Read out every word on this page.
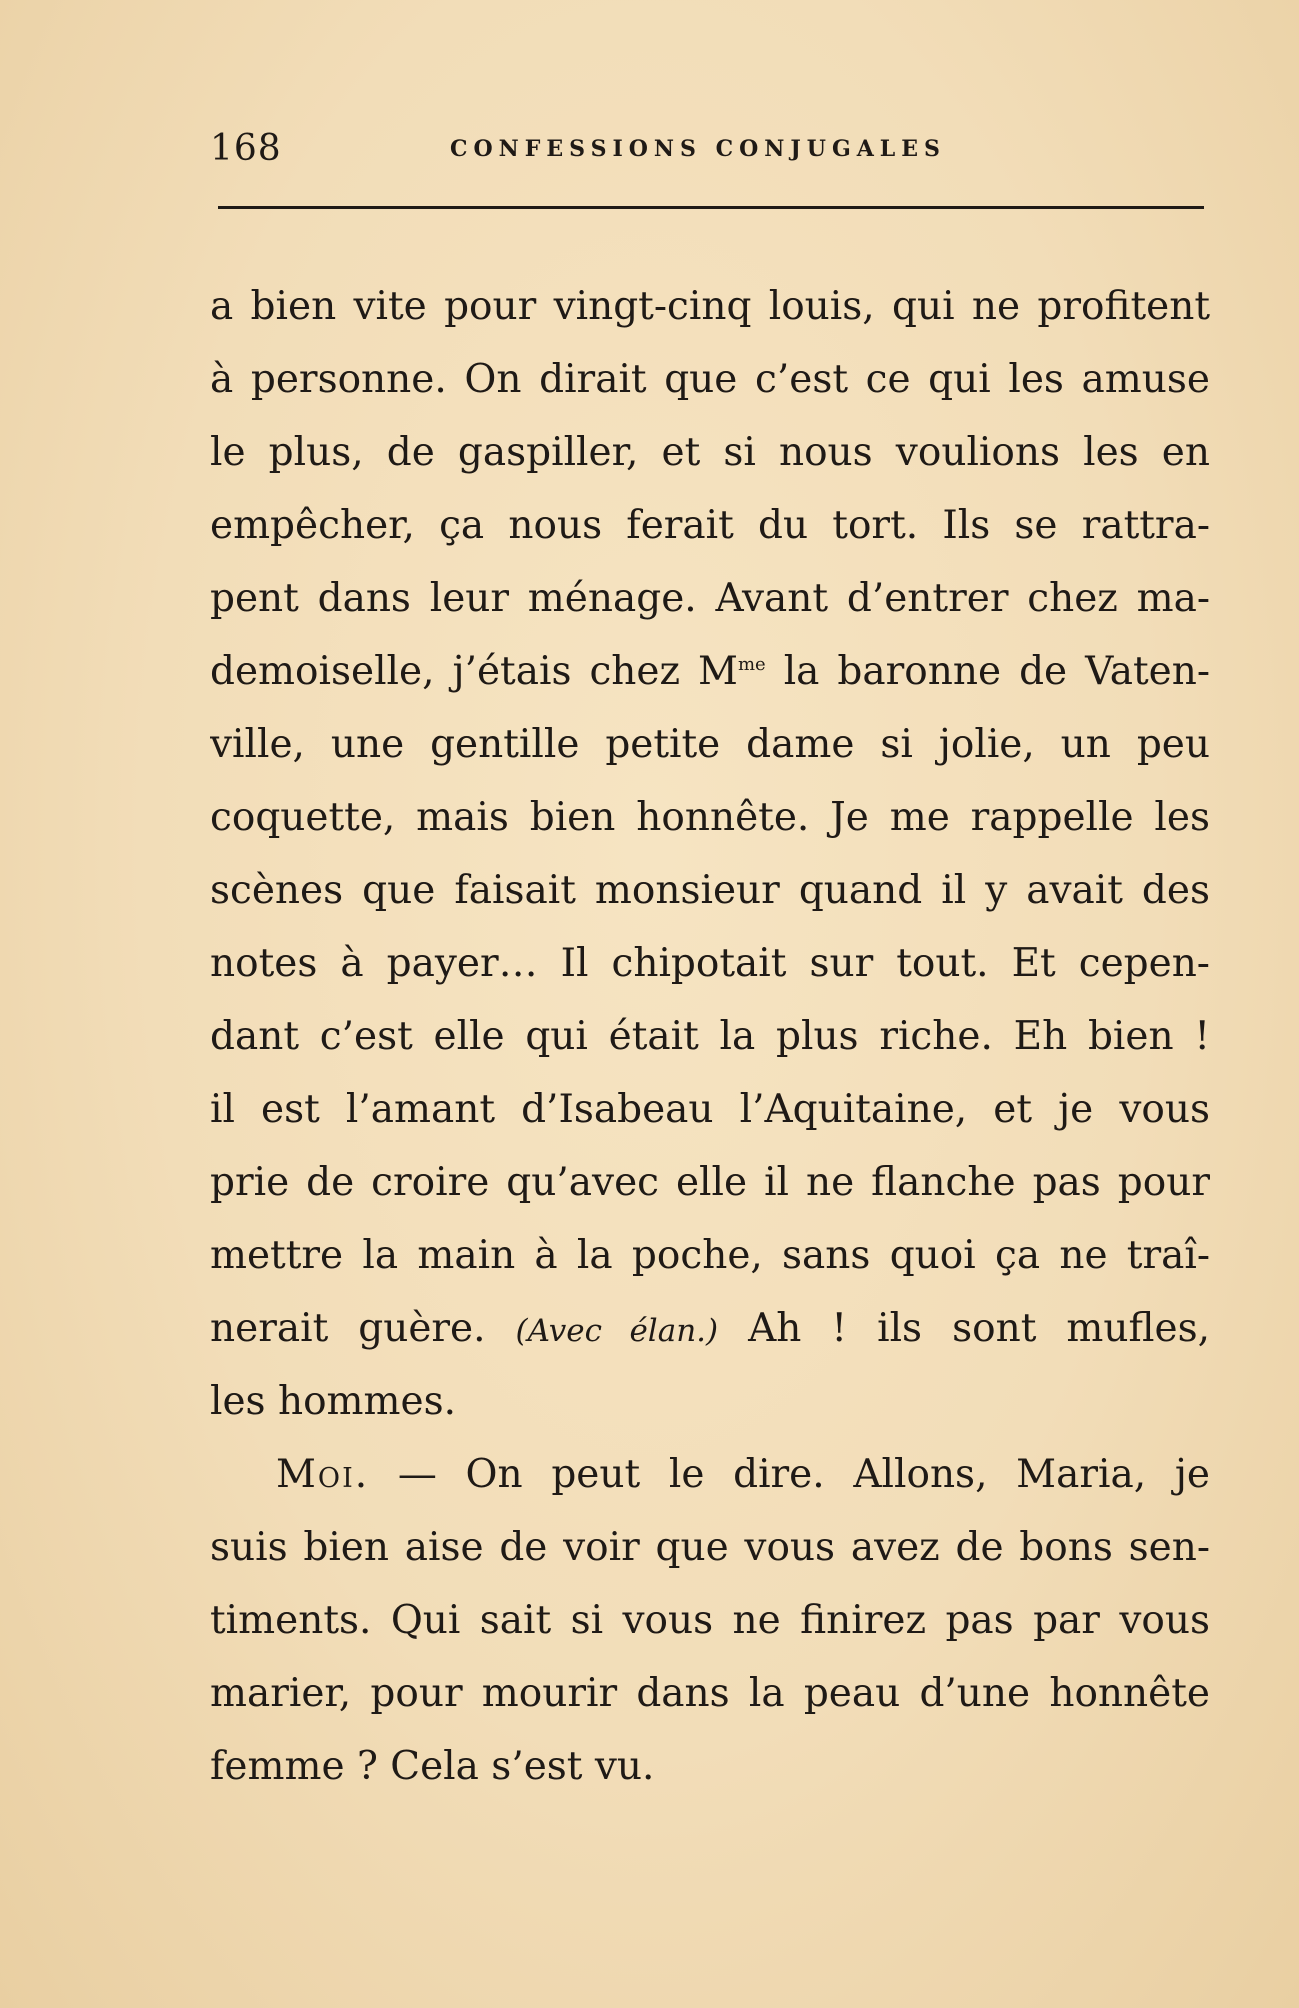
168	CONFESSIONS CONJUGALES
a bien vite pour vingt-cinq louis, qui ne profitent
à personne. On dirait que c’est ce qui les amuse
le plus, de gaspiller, et si nous voulions les en
empêcher, ça nous ferait du tort. Ils se rattra-
pent dans leur ménage. Avant d’entrer chez ma-
demoiselle, j’étais chez $M^{me}$ la baronne de Vaten-
ville, une gentille petite dame si jolie, un peu
coquette, mais bien honnête. Je me rappelle les
scènes que faisait monsieur quand il y avait des
notes à payer… Il chipotait sur tout. Et cepen-
dant c’est elle qui était la plus riche. Eh bien !
il est l’amant d’Isabeau l’Aquitaine, et je vous
prie de croire qu’avec elle il ne flanche pas pour
mettre la main à la poche, sans quoi ça ne traî-
nerait guère. (Avec élan.) Ah ! ils sont mufles,
les hommes.
Moi. — On peut le dire. Allons, Maria, je
suis bien aise de voir que vous avez de bons sen-
timents. Qui sait si vous ne finirez pas par vous
marier, pour mourir dans la peau d’une honnête
femme ? Cela s’est vu.
